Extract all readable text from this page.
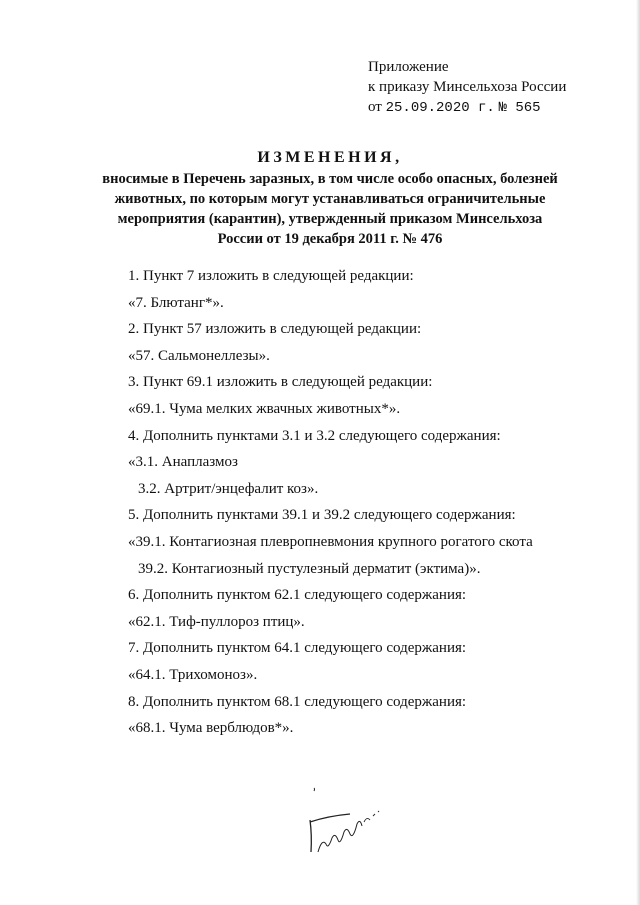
Приложение
к приказу Минсельхоза России
от 25.09.2020 г. № 565
ИЗМЕНЕНИЯ,
вносимые в Перечень заразных, в том числе особо опасных, болезней животных, по которым могут устанавливаться ограничительные мероприятия (карантин), утвержденный приказом Минсельхоза России от 19 декабря 2011 г. № 476
1. Пункт 7 изложить в следующей редакции:
«7. Блютанг*».
2. Пункт 57 изложить в следующей редакции:
«57. Сальмонеллезы».
3. Пункт 69.1 изложить в следующей редакции:
«69.1. Чума мелких жвачных животных*».
4. Дополнить пунктами 3.1 и 3.2 следующего содержания:
«3.1. Анаплазмоз
3.2. Артрит/энцефалит коз».
5. Дополнить пунктами 39.1 и 39.2 следующего содержания:
«39.1. Контагиозная плевропневмония крупного рогатого скота
39.2. Контагиозный пустулезный дерматит (эктима)».
6. Дополнить пунктом 62.1 следующего содержания:
«62.1. Тиф-пуллороз птиц».
7. Дополнить пунктом 64.1 следующего содержания:
«64.1. Трихомоноз».
8. Дополнить пунктом 68.1 следующего содержания:
«68.1. Чума верблюдов*».
